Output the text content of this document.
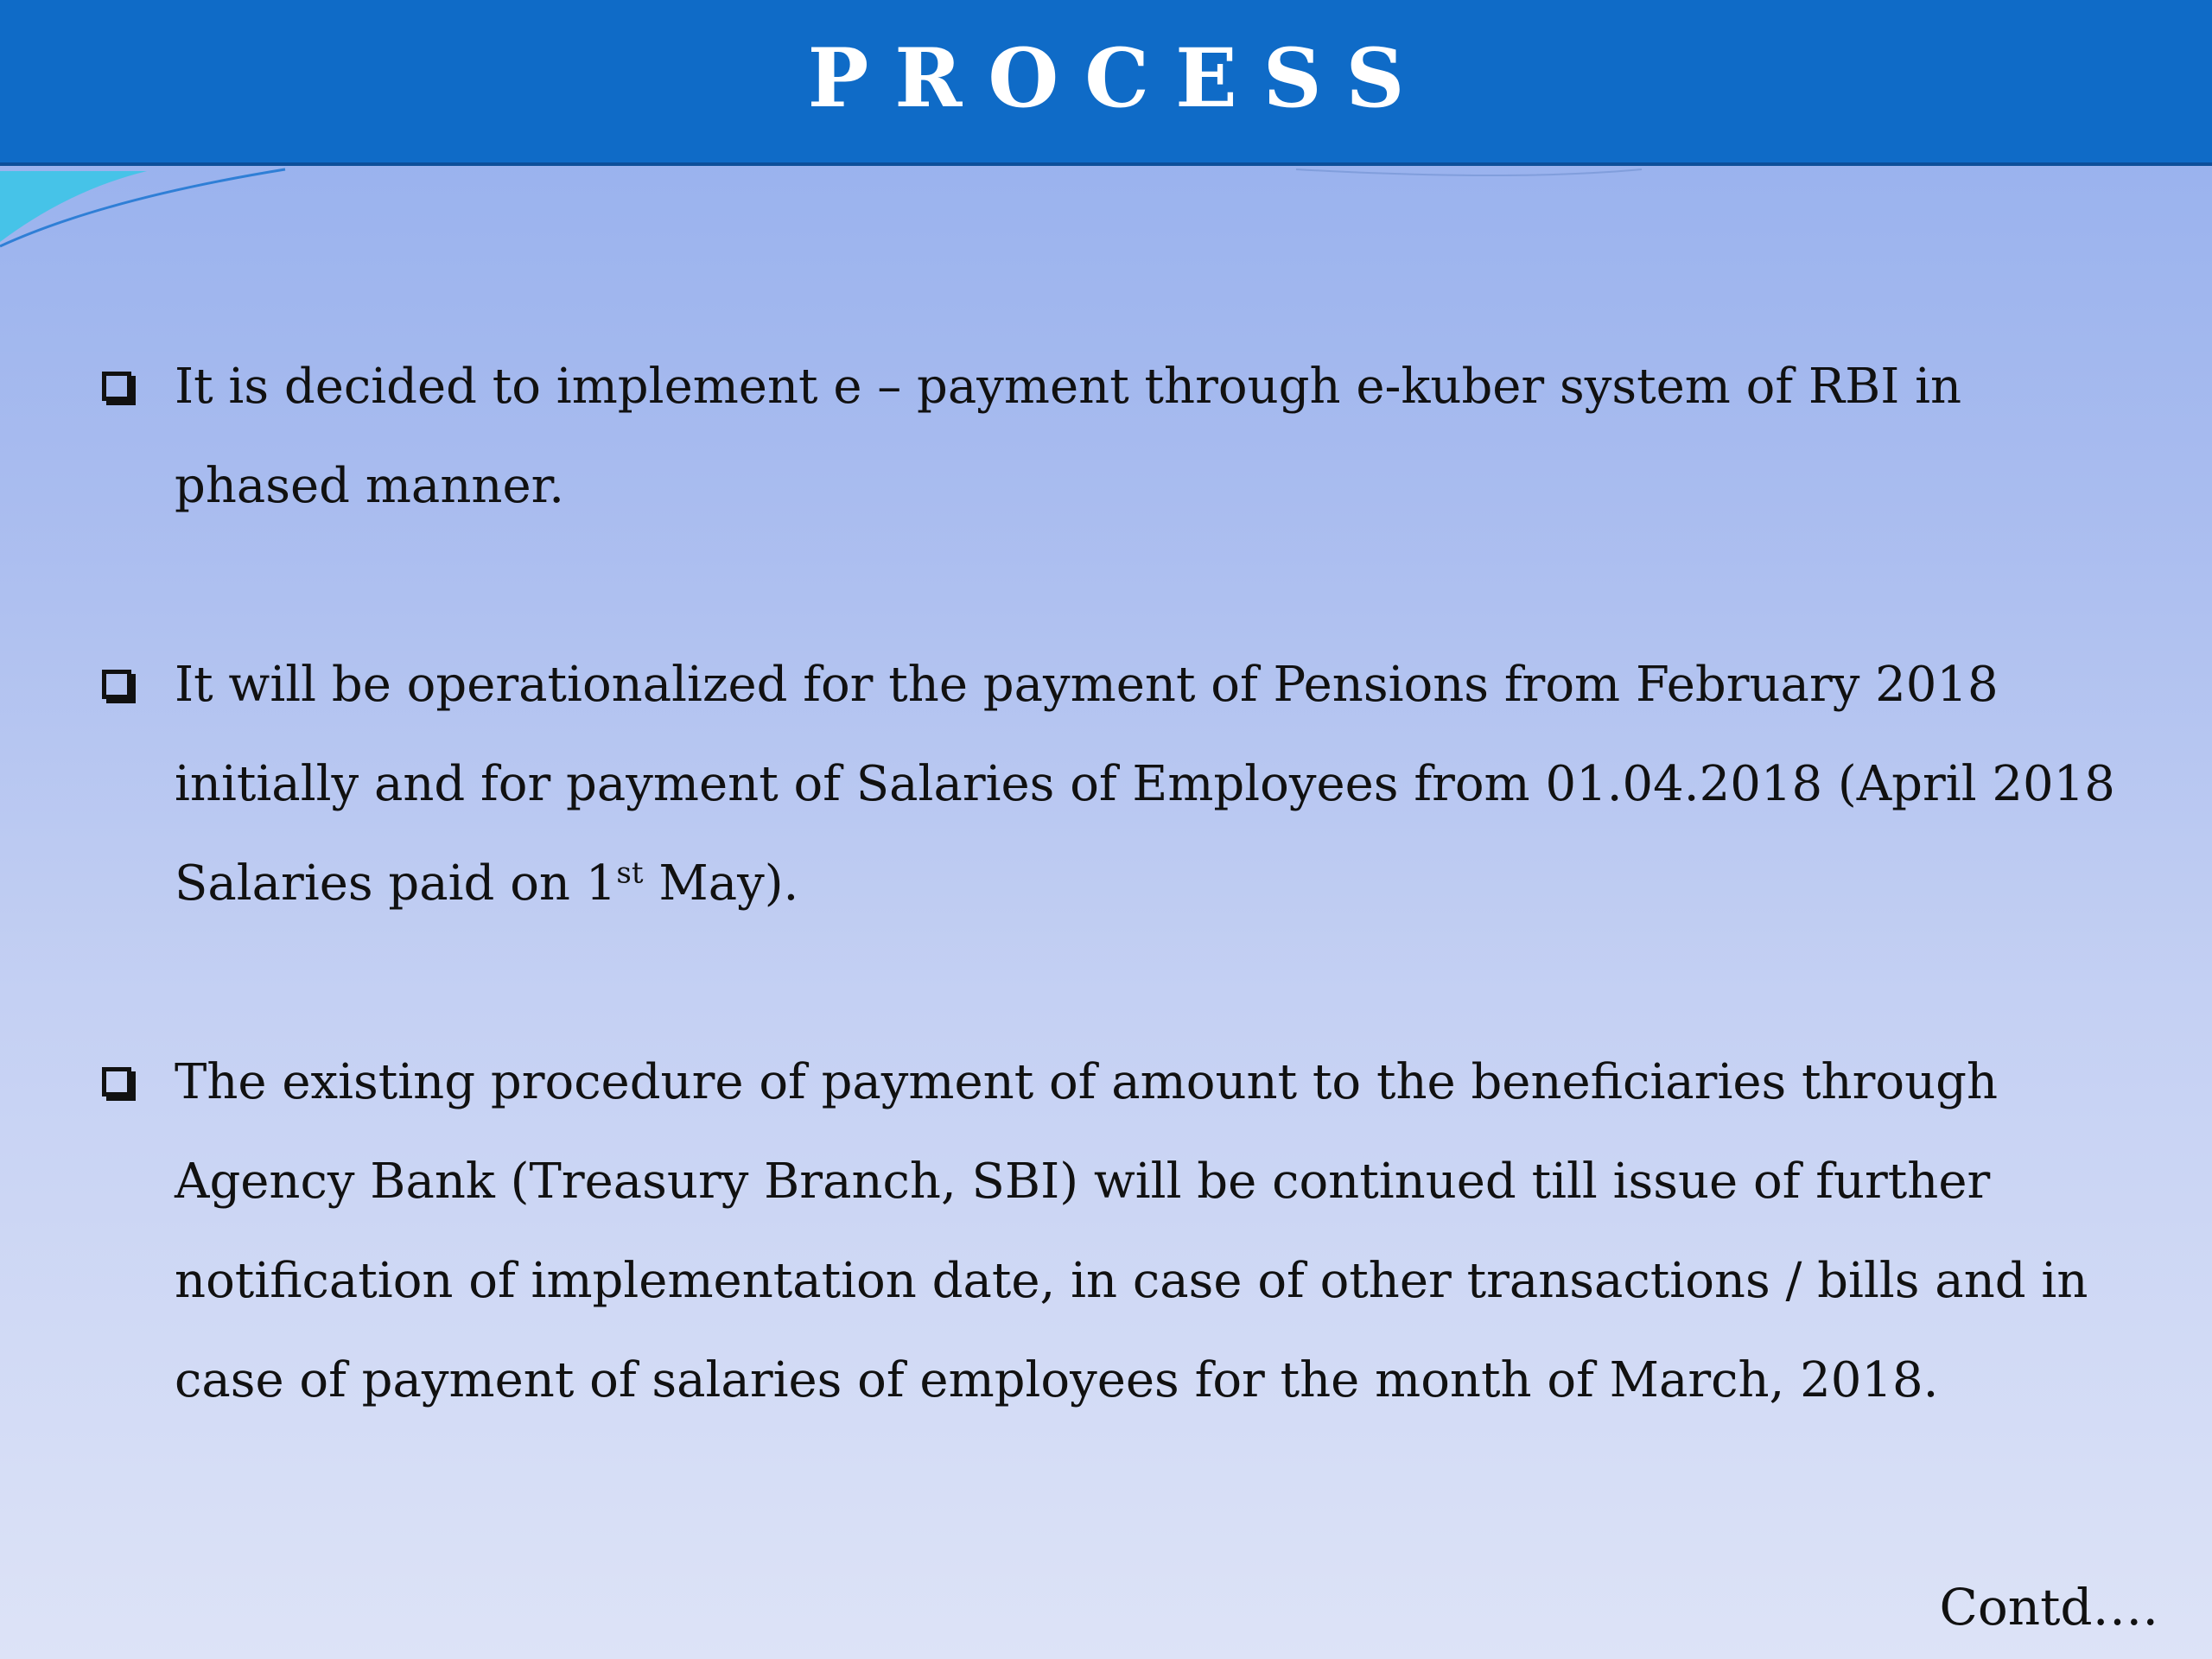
PROCESS

It is decided to implement e – payment through e-kuber system of RBI in phased manner.

It will be operationalized for the payment of Pensions from February 2018 initially and for payment of Salaries of Employees from 01.04.2018 (April 2018 Salaries paid on 1st May).

The existing procedure of payment of amount to the beneficiaries through Agency Bank (Treasury Branch, SBI) will be continued till issue of further notification of implementation date, in case of other transactions / bills and in case of payment of salaries of employees for the month of March, 2018.

Contd….
